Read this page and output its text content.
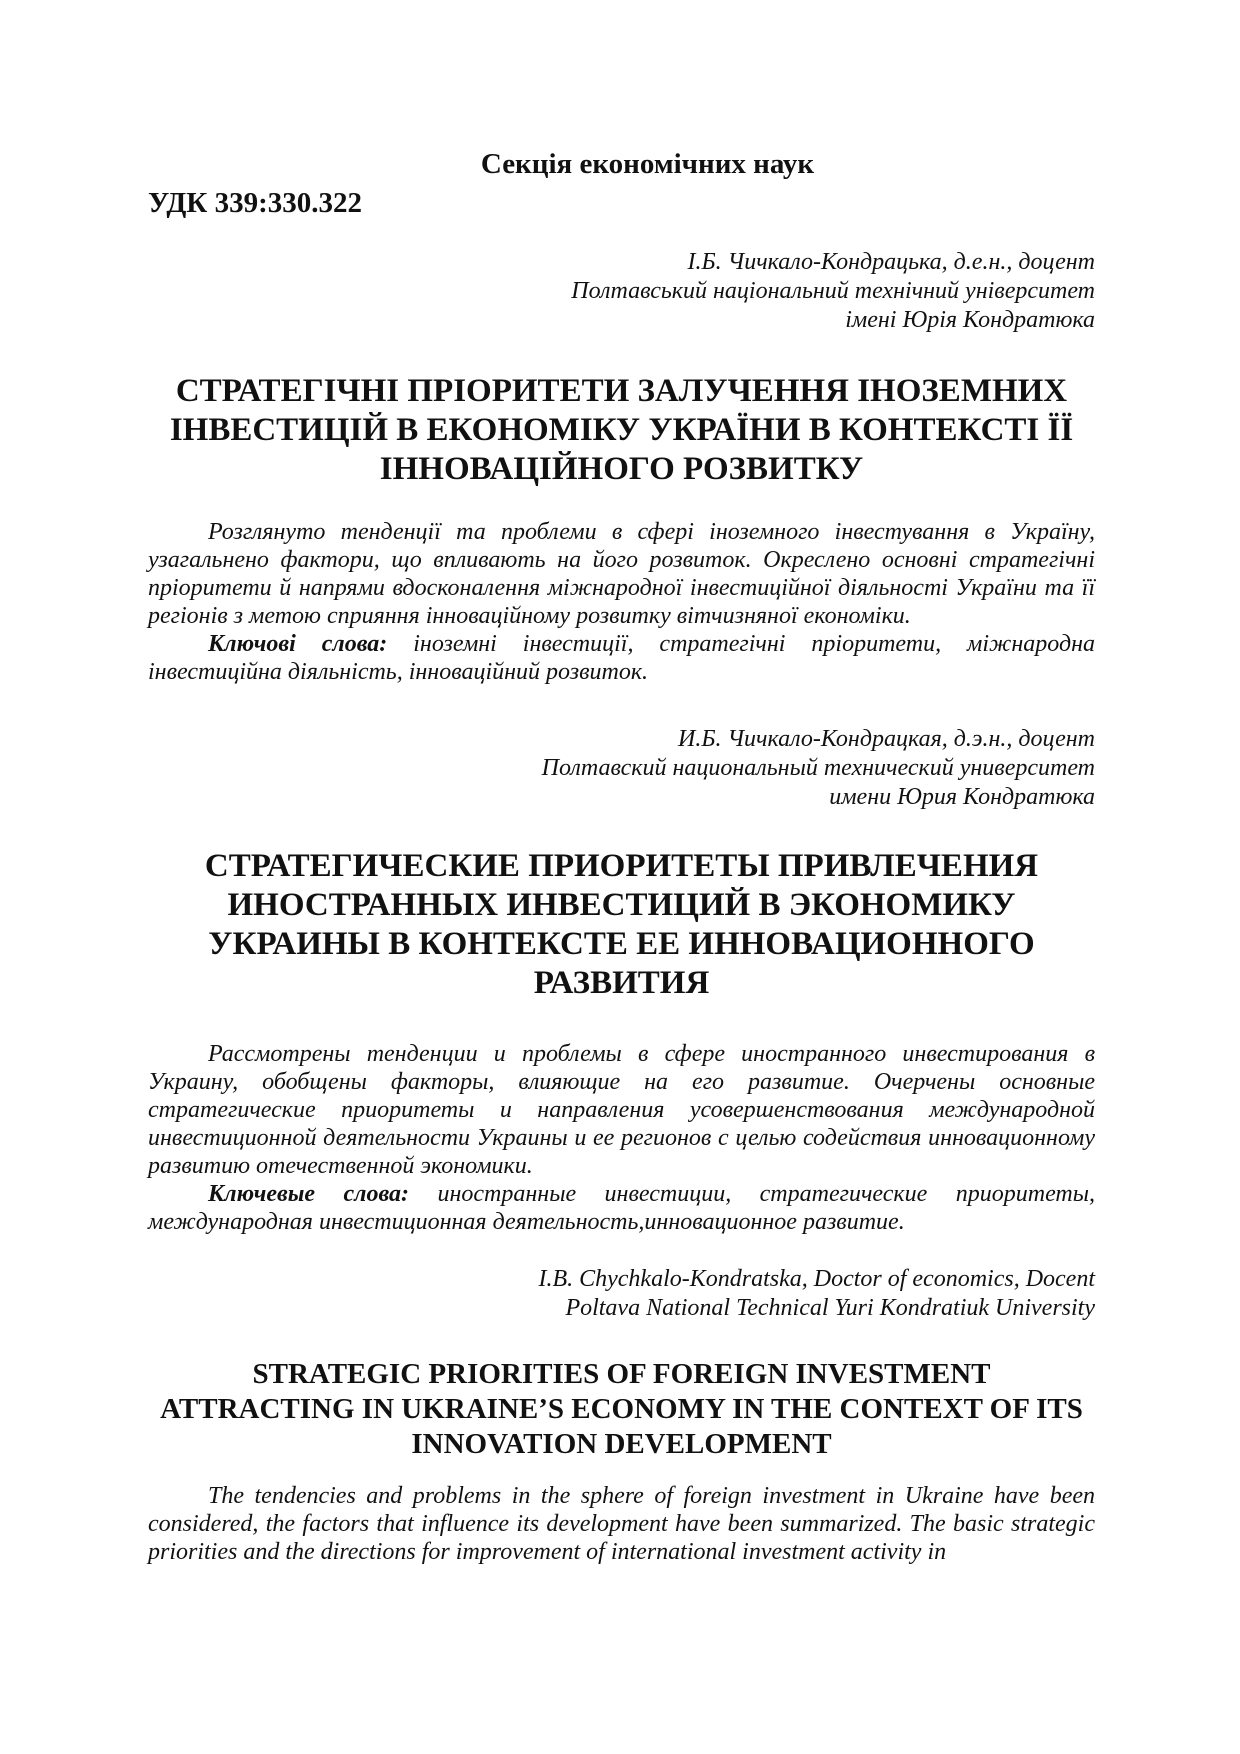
Секція економічних наук
УДК 339:330.322
І.Б. Чичкало-Кондрацька, д.е.н., доцент
Полтавський національний технічний університет
імені Юрія Кондратюка
СТРАТЕГІЧНІ ПРІОРИТЕТИ ЗАЛУЧЕННЯ ІНОЗЕМНИХ
ІНВЕСТИЦІЙ В ЕКОНОМІКУ УКРАЇНИ В КОНТЕКСТІ ЇЇ
ІННОВАЦІЙНОГО РОЗВИТКУ

Розглянуто тенденції та проблеми в сфері іноземного інвестування в Україну, узагальнено фактори, що впливають на його розвиток. Окреслено основні стратегічні пріоритети й напрями вдосконалення міжнародної інвестиційної діяльності України та її регіонів з метою сприяння інноваційному розвитку вітчизняної економіки.

Ключові слова: іноземні інвестиції, стратегічні пріоритети, міжнародна інвестиційна діяльність, інноваційний розвиток.

И.Б. Чичкало-Кондрацкая, д.э.н., доцент
Полтавский национальный технический университет
имени Юрия Кондратюка
СТРАТЕГИЧЕСКИЕ ПРИОРИТЕТЫ ПРИВЛЕЧЕНИЯ
ИНОСТРАННЫХ ИНВЕСТИЦИЙ В ЭКОНОМИКУ
УКРАИНЫ В КОНТЕКСТЕ ЕЕ ИННОВАЦИОННОГО
РАЗВИТИЯ

Рассмотрены тенденции и проблемы в сфере иностранного инвестирования в Украину, обобщены факторы, влияющие на его развитие. Очерчены основные стратегические приоритеты и направления усовершенствования международной инвестиционной деятельности Украины и ее регионов с целью содействия инновационному развитию отечественной экономики.

Ключевые слова: иностранные инвестиции, стратегические приоритеты, международная инвестиционная деятельность,инновационное развитие.

I.B. Chychkalo-Kondratska, Doctor of economics, Docent
Poltava National Technical Yuri Kondratiuk University
STRATEGIC PRIORITIES OF FOREIGN INVESTMENT
ATTRACTING IN UKRAINE’S ECONOMY IN THE CONTEXT OF ITS
INNOVATION DEVELOPMENT

The tendencies and problems in the sphere of foreign investment in Ukraine have been considered, the factors that influence its development have been summarized. The basic strategic priorities and the directions for improvement of international investment activity in
